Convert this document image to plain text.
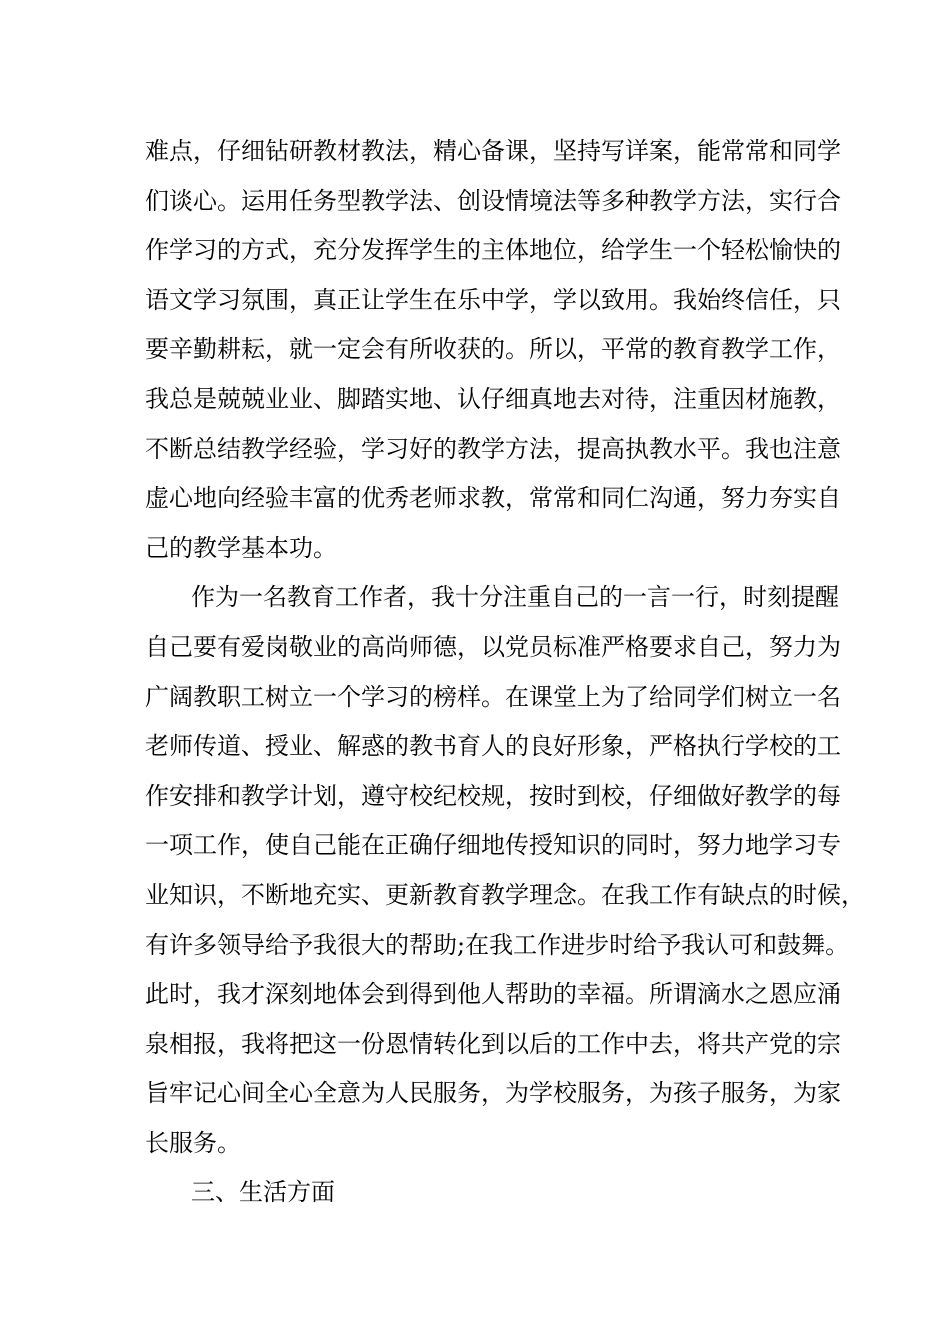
难点，仔细钻研教材教法，精心备课，坚持写详案，能常常和同学
们谈心。运用任务型教学法、创设情境法等多种教学方法，实行合
作学习的方式，充分发挥学生的主体地位，给学生一个轻松愉快的
语文学习氛围，真正让学生在乐中学，学以致用。我始终信任，只
要辛勤耕耘，就一定会有所收获的。所以，平常的教育教学工作，
我总是兢兢业业、脚踏实地、认仔细真地去对待，注重因材施教，
不断总结教学经验，学习好的教学方法，提高执教水平。我也注意
虚心地向经验丰富的优秀老师求教，常常和同仁沟通，努力夯实自
己的教学基本功。
作为一名教育工作者，我十分注重自己的一言一行，时刻提醒
自己要有爱岗敬业的高尚师德，以党员标准严格要求自己，努力为
广阔教职工树立一个学习的榜样。在课堂上为了给同学们树立一名
老师传道、授业、解惑的教书育人的良好形象，严格执行学校的工
作安排和教学计划，遵守校纪校规，按时到校，仔细做好教学的每
一项工作，使自己能在正确仔细地传授知识的同时，努力地学习专
业知识，不断地充实、更新教育教学理念。在我工作有缺点的时候，
有许多领导给予我很大的帮助;在我工作进步时给予我认可和鼓舞。
此时，我才深刻地体会到得到他人帮助的幸福。所谓滴水之恩应涌
泉相报，我将把这一份恩情转化到以后的工作中去，将共产党的宗
旨牢记心间全心全意为人民服务，为学校服务，为孩子服务，为家
长服务。
三、生活方面
